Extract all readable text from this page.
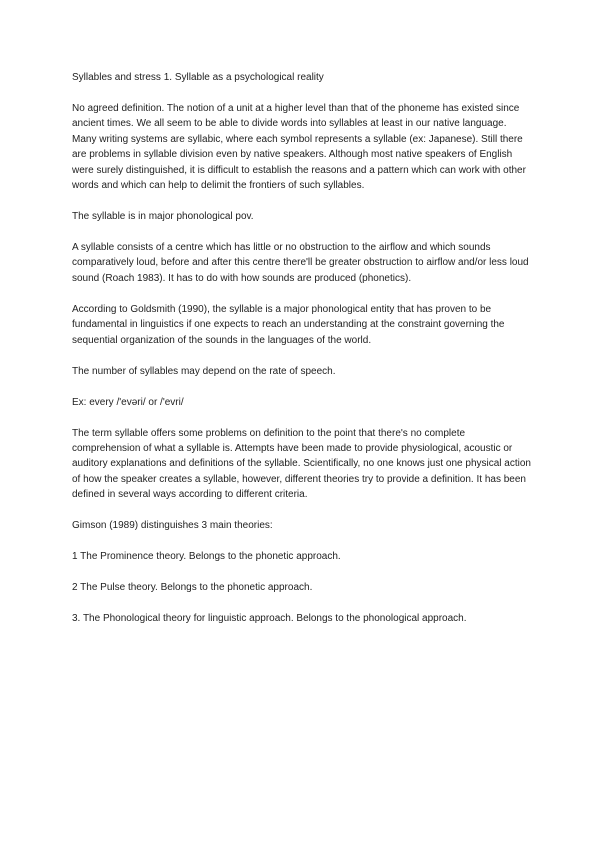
Syllables and stress 1. Syllable as a psychological reality

No agreed definition. The notion of a unit at a higher level than that of the phoneme has existed since ancient times. We all seem to be able to divide words into syllables at least in our native language. Many writing systems are syllabic, where each symbol represents a syllable (ex: Japanese). Still there are problems in syllable division even by native speakers. Although most native speakers of English were surely distinguished, it is difficult to establish the reasons and a pattern which can work with other words and which can help to delimit the frontiers of such syllables.

The syllable is in major phonological pov.

A syllable consists of a centre which has little or no obstruction to the airflow and which sounds comparatively loud, before and after this centre there'll be greater obstruction to airflow and/or less loud sound (Roach 1983). It has to do with how sounds are produced (phonetics).

According to Goldsmith (1990), the syllable is a major phonological entity that has proven to be fundamental in linguistics if one expects to reach an understanding at the constraint governing the sequential organization of the sounds in the languages of the world.

The number of syllables may depend on the rate of speech.

Ex: every /'evəri/ or /'evri/

The term syllable offers some problems on definition to the point that there's no complete comprehension of what a syllable is. Attempts have been made to provide physiological, acoustic or auditory explanations and definitions of the syllable. Scientifically, no one knows just one physical action of how the speaker creates a syllable, however, different theories try to provide a definition. It has been defined in several ways according to different criteria.

Gimson (1989) distinguishes 3 main theories:

1 The Prominence theory. Belongs to the phonetic approach.

2 The Pulse theory. Belongs to the phonetic approach.

3. The Phonological theory for linguistic approach. Belongs to the phonological approach.
